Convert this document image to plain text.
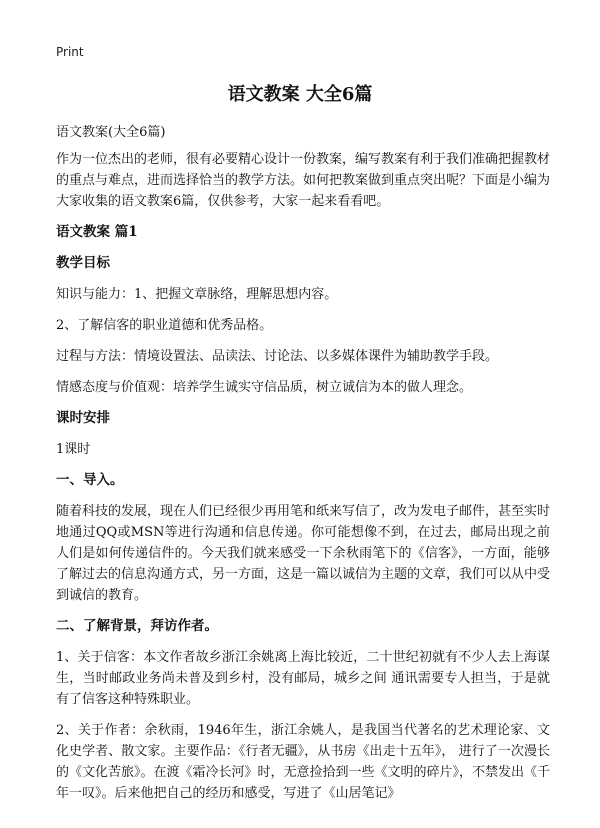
Print
语文教案 大全6篇

语文教案(大全6篇)

作为一位杰出的老师，很有必要精心设计一份教案，编写教案有利于我们准确把握教材的重点与难点，进而选择恰当的教学方法。如何把教案做到重点突出呢？下面是小编为大家收集的语文教案6篇，仅供参考，大家一起来看看吧。

语文教案 篇1
教学目标

知识与能力：1、把握文章脉络，理解思想内容。

2、了解信客的职业道德和优秀品格。

过程与方法：情境设置法、品读法、讨论法、以多媒体课件为辅助教学手段。

情感态度与价值观：培养学生诚实守信品质，树立诚信为本的做人理念。

课时安排

1课时

一、导入。

随着科技的发展，现在人们已经很少再用笔和纸来写信了，改为发电子邮件，甚至实时地通过QQ或MSN等进行沟通和信息传递。你可能想像不到，在过去，邮局出现之前人们是如何传递信件的。今天我们就来感受一下余秋雨笔下的《信客》，一方面，能够了解过去的信息沟通方式，另一方面，这是一篇以诚信为主题的文章，我们可以从中受到诚信的教育。

二、了解背景，拜访作者。

1、关于信客：本文作者故乡浙江余姚离上海比较近，二十世纪初就有不少人去上海谋生，当时邮政业务尚未普及到乡村，没有邮局，城乡之间 通讯需要专人担当，于是就有了信客这种特殊职业。

2、关于作者：余秋雨，1946年生，浙江余姚人，是我国当代著名的艺术理论家、文化史学者、散文家。主要作品：《行者无疆》，从书房《出走十五年》， 进行了一次漫长的《文化苦旅》。在渡《霜冷长河》时，无意捡拾到一些《文明的碎片》，不禁发出《千年一叹》。后来他把自己的经历和感受，写进了《山居笔记》
